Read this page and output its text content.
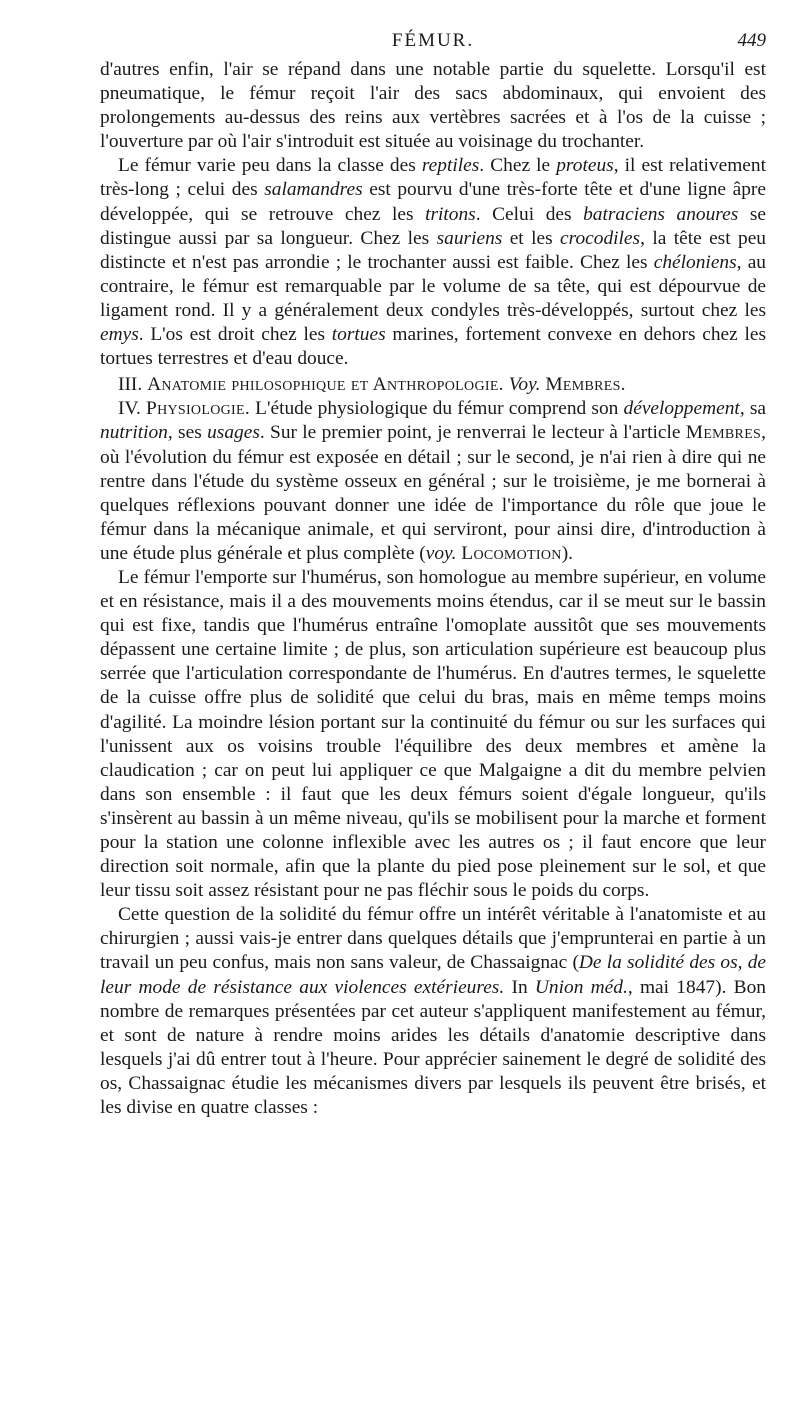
FÉMUR.	449

d'autres enfin, l'air se répand dans une notable partie du squelette. Lorsqu'il est pneumatique, le fémur reçoit l'air des sacs abdominaux, qui envoient des prolongements au-dessus des reins aux vertèbres sacrées et à l'os de la cuisse ; l'ouverture par où l'air s'introduit est située au voisinage du trochanter.

Le fémur varie peu dans la classe des reptiles. Chez le proteus, il est relativement très-long ; celui des salamandres est pourvu d'une très-forte tête et d'une ligne âpre développée, qui se retrouve chez les tritons. Celui des batraciens anoures se distingue aussi par sa longueur. Chez les sauriens et les crocodiles, la tête est peu distincte et n'est pas arrondie ; le trochanter aussi est faible. Chez les chéloniens, au contraire, le fémur est remarquable par le volume de sa tête, qui est dépourvue de ligament rond. Il y a généralement deux condyles très-développés, surtout chez les emys. L'os est droit chez les tortues marines, fortement convexe en dehors chez les tortues terrestres et d'eau douce.

III. Anatomie philosophique et Anthropologie. Voy. Membres.

IV. Physiologie. L'étude physiologique du fémur comprend son développement, sa nutrition, ses usages. Sur le premier point, je renverrai le lecteur à l'article Membres, où l'évolution du fémur est exposée en détail ; sur le second, je n'ai rien à dire qui ne rentre dans l'étude du système osseux en général ; sur le troisième, je me bornerai à quelques réflexions pouvant donner une idée de l'importance du rôle que joue le fémur dans la mécanique animale, et qui serviront, pour ainsi dire, d'introduction à une étude plus générale et plus complète (voy. Locomotion).

Le fémur l'emporte sur l'humérus, son homologue au membre supérieur, en volume et en résistance, mais il a des mouvements moins étendus, car il se meut sur le bassin qui est fixe, tandis que l'humérus entraîne l'omoplate aussitôt que ses mouvements dépassent une certaine limite ; de plus, son articulation supérieure est beaucoup plus serrée que l'articulation correspondante de l'humérus. En d'autres termes, le squelette de la cuisse offre plus de solidité que celui du bras, mais en même temps moins d'agilité. La moindre lésion portant sur la continuité du fémur ou sur les surfaces qui l'unissent aux os voisins trouble l'équilibre des deux membres et amène la claudication ; car on peut lui appliquer ce que Malgaigne a dit du membre pelvien dans son ensemble : il faut que les deux fémurs soient d'égale longueur, qu'ils s'insèrent au bassin à un même niveau, qu'ils se mobilisent pour la marche et forment pour la station une colonne inflexible avec les autres os ; il faut encore que leur direction soit normale, afin que la plante du pied pose pleinement sur le sol, et que leur tissu soit assez résistant pour ne pas fléchir sous le poids du corps.

Cette question de la solidité du fémur offre un intérêt véritable à l'anatomiste et au chirurgien ; aussi vais-je entrer dans quelques détails que j'emprunterai en partie à un travail un peu confus, mais non sans valeur, de Chassaignac (De la solidité des os, de leur mode de résistance aux violences extérieures. In Union méd., mai 1847). Bon nombre de remarques présentées par cet auteur s'appliquent manifestement au fémur, et sont de nature à rendre moins arides les détails d'anatomie descriptive dans lesquels j'ai dû entrer tout à l'heure. Pour apprécier sainement le degré de solidité des os, Chassaignac étudie les mécanismes divers par lesquels ils peuvent être brisés, et les divise en quatre classes :
